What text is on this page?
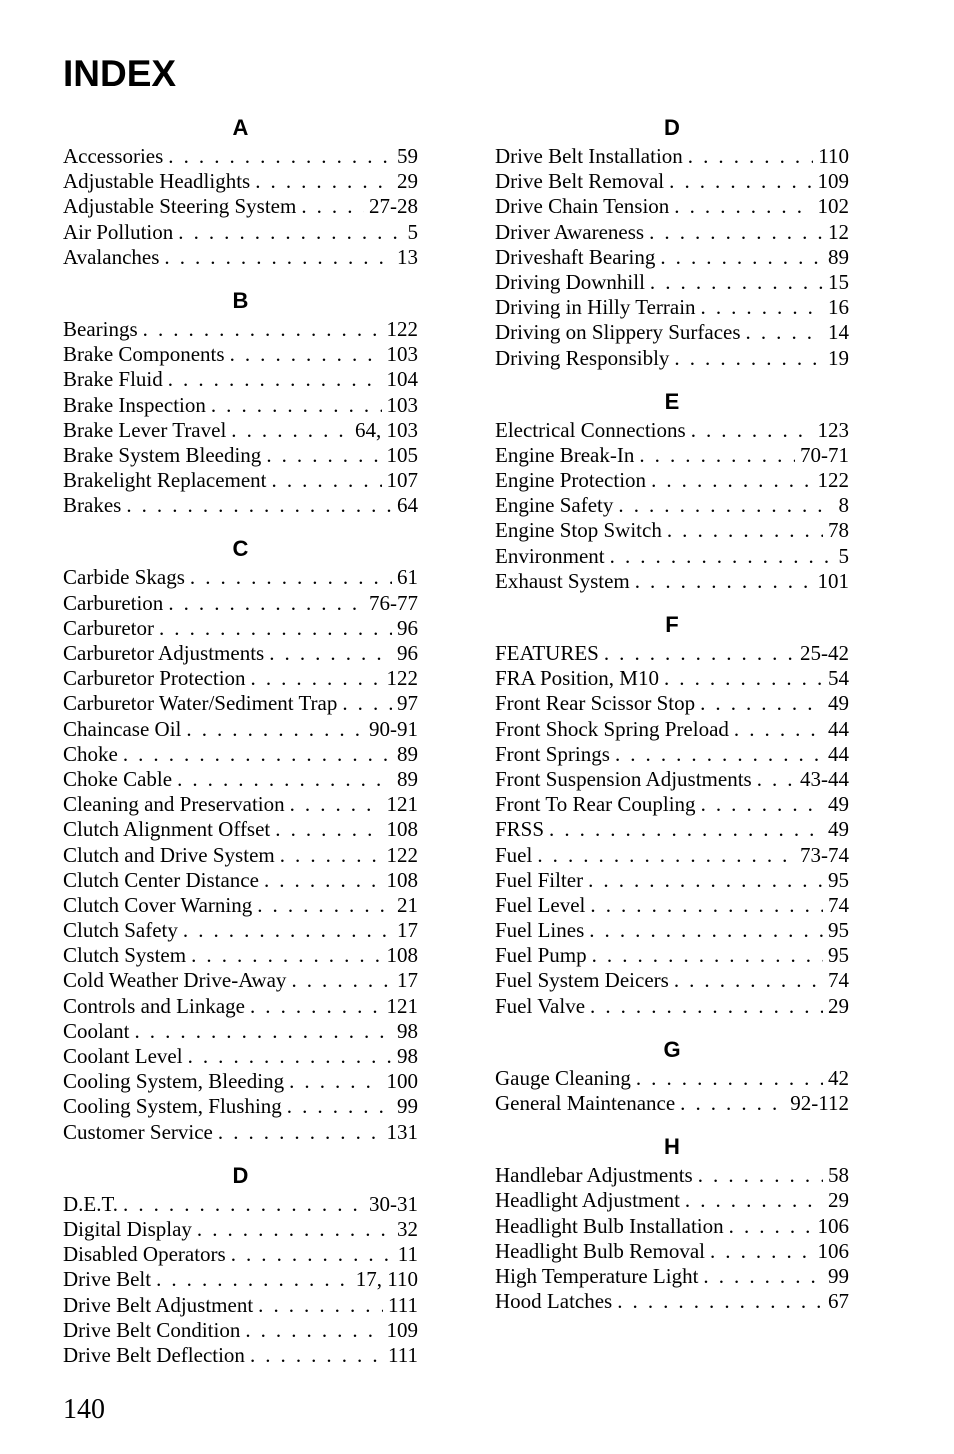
INDEX
A
Accessories . . .	59
Adjustable Headlights . . .	29
Adjustable Steering System . . .	27-28
Air Pollution . . .	5
Avalanches . . .	13
B
Bearings . . .	122
Brake Components . . .	103
Brake Fluid . . .	104
Brake Inspection . . .	103
Brake Lever Travel . . .	64, 103
Brake System Bleeding . . .	105
Brakelight Replacement . . .	107
Brakes . . .	64
C
Carbide Skags . . .	61
Carburetion . . .	76-77
Carburetor . . .	96
Carburetor Adjustments . . .	96
Carburetor Protection . . .	122
Carburetor Water/Sediment Trap . . .	97
Chaincase Oil . . .	90-91
Choke . . .	89
Choke Cable . . .	89
Cleaning and Preservation . . .	121
Clutch Alignment Offset . . .	108
Clutch and Drive System . . .	122
Clutch Center Distance . . .	108
Clutch Cover Warning . . .	21
Clutch Safety . . .	17
Clutch System . . .	108
Cold Weather Drive-Away . . .	17
Controls and Linkage . . .	121
Coolant . . .	98
Coolant Level . . .	98
Cooling System, Bleeding . . .	100
Cooling System, Flushing . . .	99
Customer Service . . .	131
D
D.E.T. . . .	30-31
Digital Display . . .	32
Disabled Operators . . .	11
Drive Belt . . .	17, 110
Drive Belt Adjustment . . .	111
Drive Belt Condition . . .	109
Drive Belt Deflection . . .	111
D
Drive Belt Installation . . .	110
Drive Belt Removal . . .	109
Drive Chain Tension . . .	102
Driver Awareness . . .	12
Driveshaft Bearing . . .	89
Driving Downhill . . .	15
Driving in Hilly Terrain . . .	16
Driving on Slippery Surfaces . . .	14
Driving Responsibly . . .	19
E
Electrical Connections . . .	123
Engine Break-In . . .	70-71
Engine Protection . . .	122
Engine Safety . . .	8
Engine Stop Switch . . .	78
Environment . . .	5
Exhaust System . . .	101
F
FEATURES . . .	25-42
FRA Position, M10 . . .	54
Front Rear Scissor Stop . . .	49
Front Shock Spring Preload . . .	44
Front Springs . . .	44
Front Suspension Adjustments . . . 43-44
Front To Rear Coupling . . .	49
FRSS . . .	49
Fuel . . .	73-74
Fuel Filter . . .	95
Fuel Level . . .	74
Fuel Lines . . .	95
Fuel Pump . . .	95
Fuel System Deicers . . .	74
Fuel Valve . . .	29
G
Gauge Cleaning . . .	42
General Maintenance . . .	92-112
H
Handlebar Adjustments . . .	58
Headlight Adjustment . . .	29
Headlight Bulb Installation . . .	106
Headlight Bulb Removal . . .	106
High Temperature Light . . .	99
Hood Latches . . .	67

140
